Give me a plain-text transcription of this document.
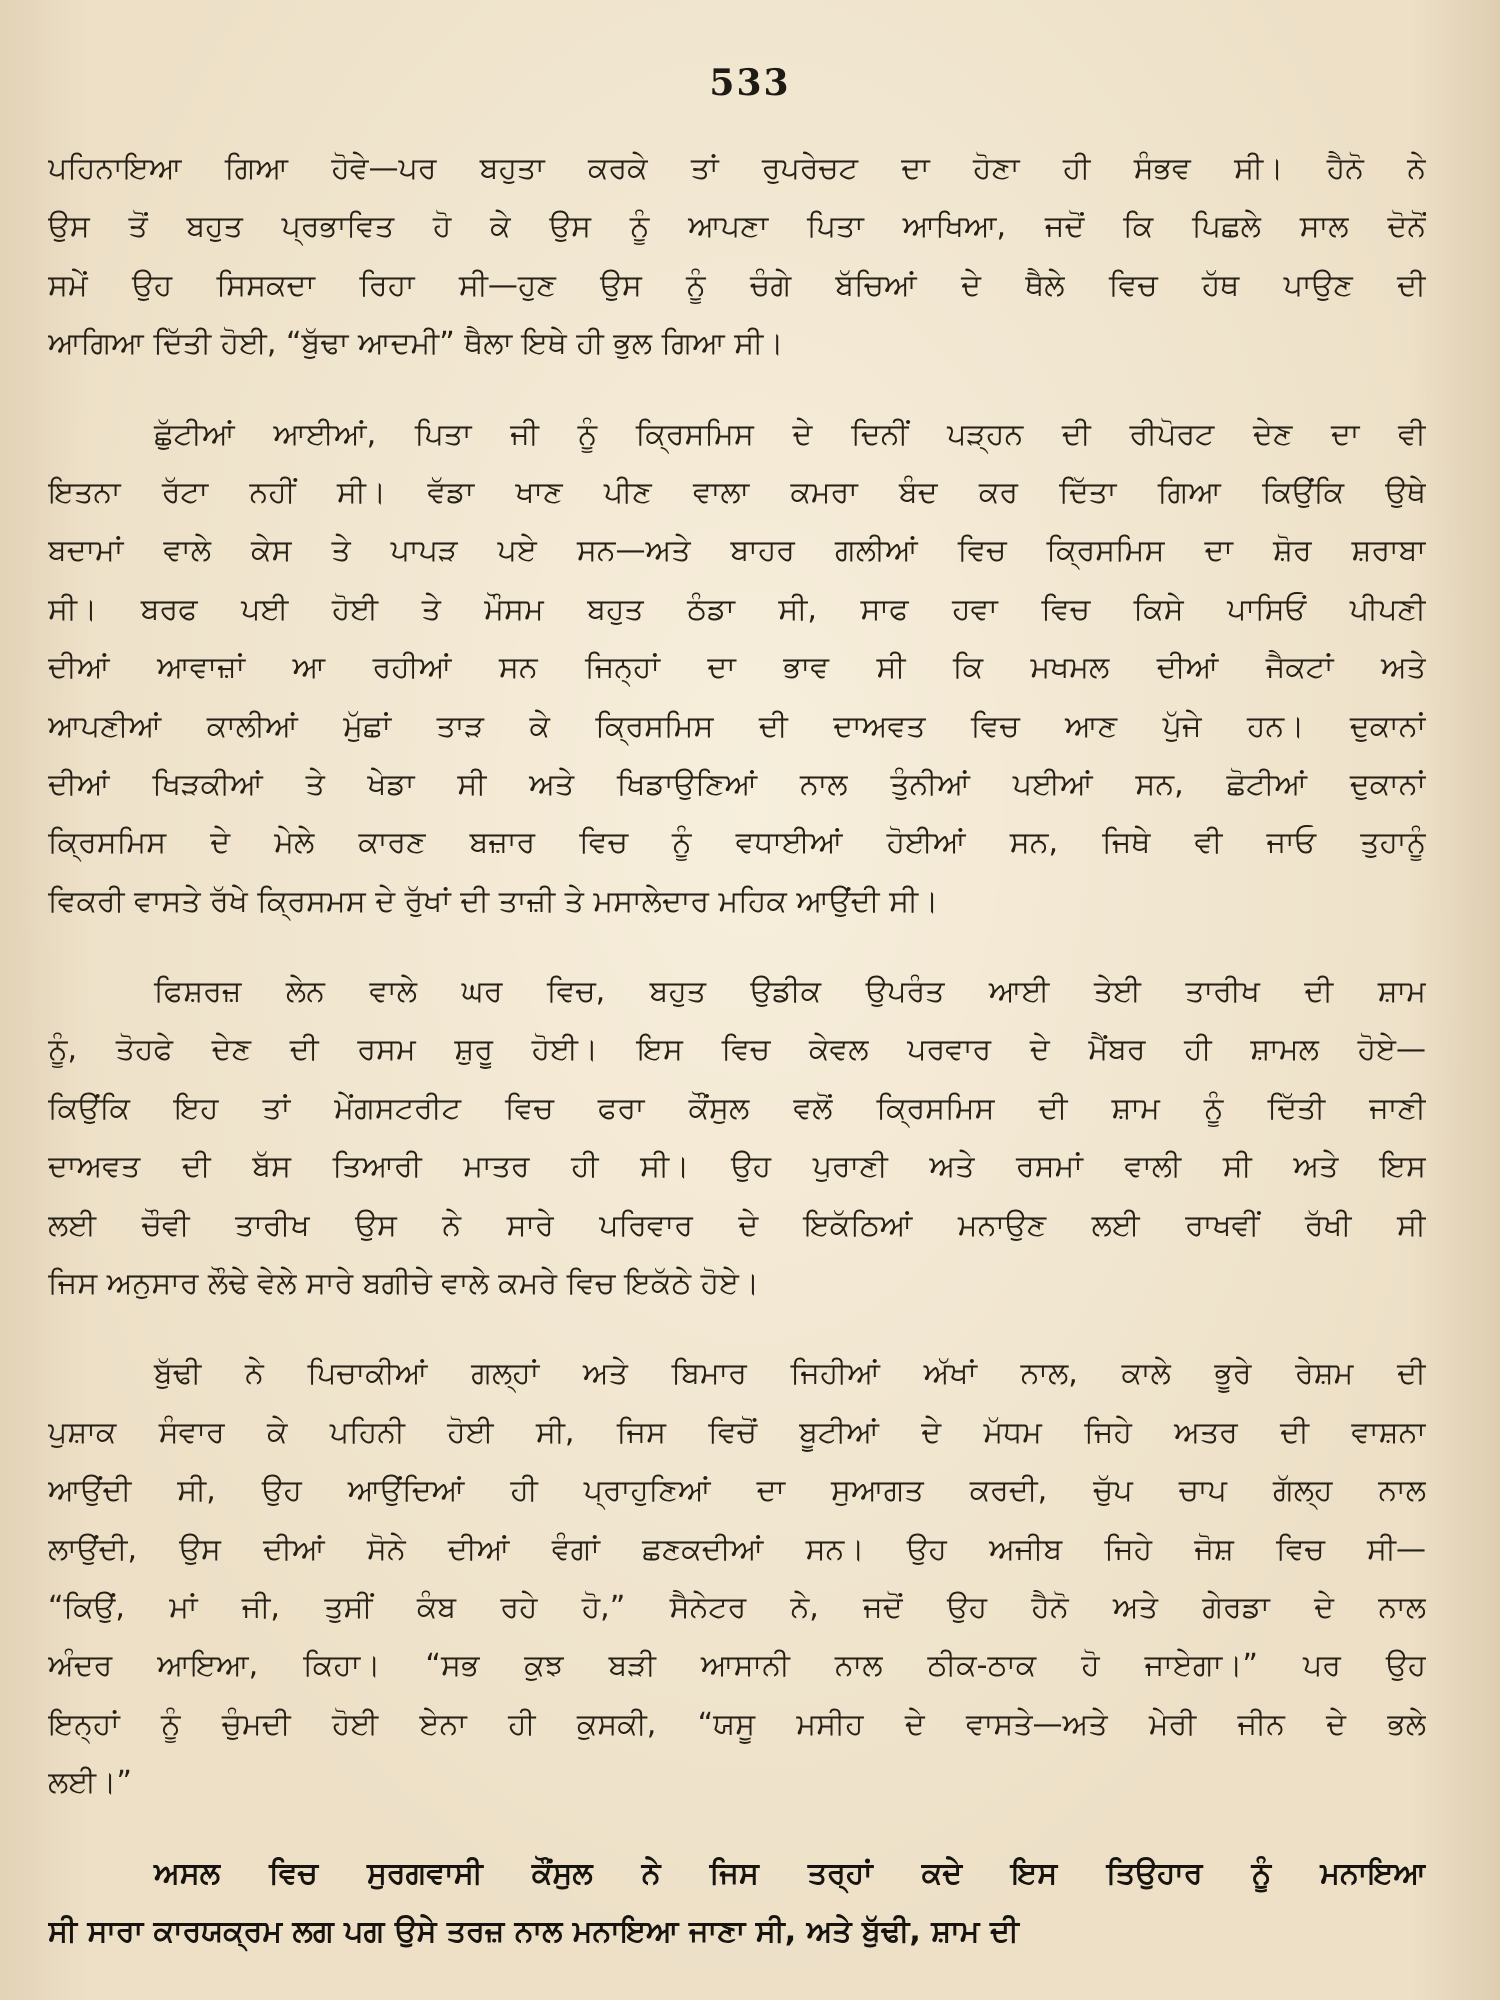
533
ਪਹਿਨਾਇਆ ਗਿਆ ਹੋਵੇ—ਪਰ ਬਹੁਤਾ ਕਰਕੇ ਤਾਂ ਰੁਪਰੇਚਟ ਦਾ ਹੋਣਾ ਹੀ ਸੰਭਵ ਸੀ। ਹੈਨੋ ਨੇ
ਉਸ ਤੋਂ ਬਹੁਤ ਪ੍ਰਭਾਵਿਤ ਹੋ ਕੇ ਉਸ ਨੂੰ ਆਪਣਾ ਪਿਤਾ ਆਖਿਆ, ਜਦੋਂ ਕਿ ਪਿਛਲੇ ਸਾਲ ਦੋਨੋਂ
ਸਮੇਂ ਉਹ ਸਿਸਕਦਾ ਰਿਹਾ ਸੀ—ਹੁਣ ਉਸ ਨੂੰ ਚੰਗੇ ਬੱਚਿਆਂ ਦੇ ਥੈਲੇ ਵਿਚ ਹੱਥ ਪਾਉਣ ਦੀ
ਆਗਿਆ ਦਿੱਤੀ ਹੋਈ, “ਬੁੱਢਾ ਆਦਮੀ” ਥੈਲਾ ਇਥੇ ਹੀ ਭੁਲ ਗਿਆ ਸੀ।
ਛੁੱਟੀਆਂ ਆਈਆਂ, ਪਿਤਾ ਜੀ ਨੂੰ ਕ੍ਰਿਸਮਿਸ ਦੇ ਦਿਨੀਂ ਪੜ੍ਹਨ ਦੀ ਰੀਪੋਰਟ ਦੇਣ ਦਾ ਵੀ
ਇਤਨਾ ਰੱਟਾ ਨਹੀਂ ਸੀ। ਵੱਡਾ ਖਾਣ ਪੀਣ ਵਾਲਾ ਕਮਰਾ ਬੰਦ ਕਰ ਦਿੱਤਾ ਗਿਆ ਕਿਉਂਕਿ ਉਥੇ
ਬਦਾਮਾਂ ਵਾਲੇ ਕੇਸ ਤੇ ਪਾਪੜ ਪਏ ਸਨ—ਅਤੇ ਬਾਹਰ ਗਲੀਆਂ ਵਿਚ ਕ੍ਰਿਸਮਿਸ ਦਾ ਸ਼ੋਰ ਸ਼ਰਾਬਾ
ਸੀ। ਬਰਫ ਪਈ ਹੋਈ ਤੇ ਮੌਸਮ ਬਹੁਤ ਠੰਡਾ ਸੀ, ਸਾਫ ਹਵਾ ਵਿਚ ਕਿਸੇ ਪਾਸਿਓਂ ਪੀਪਣੀ
ਦੀਆਂ ਆਵਾਜ਼ਾਂ ਆ ਰਹੀਆਂ ਸਨ ਜਿਨ੍ਹਾਂ ਦਾ ਭਾਵ ਸੀ ਕਿ ਮਖਮਲ ਦੀਆਂ ਜੈਕਟਾਂ ਅਤੇ
ਆਪਣੀਆਂ ਕਾਲੀਆਂ ਮੁੱਛਾਂ ਤਾੜ ਕੇ ਕ੍ਰਿਸਮਿਸ ਦੀ ਦਾਅਵਤ ਵਿਚ ਆਣ ਪੁੱਜੇ ਹਨ। ਦੁਕਾਨਾਂ
ਦੀਆਂ ਖਿੜਕੀਆਂ ਤੇ ਖੇਡਾ ਸੀ ਅਤੇ ਖਿਡਾਉਣਿਆਂ ਨਾਲ ਤੁੰਨੀਆਂ ਪਈਆਂ ਸਨ, ਛੋਟੀਆਂ ਦੁਕਾਨਾਂ
ਕ੍ਰਿਸਮਿਸ ਦੇ ਮੇਲੇ ਕਾਰਣ ਬਜ਼ਾਰ ਵਿਚ ਨੂੰ ਵਧਾਈਆਂ ਹੋਈਆਂ ਸਨ, ਜਿਥੇ ਵੀ ਜਾਓ ਤੁਹਾਨੂੰ
ਵਿਕਰੀ ਵਾਸਤੇ ਰੱਖੇ ਕ੍ਰਿਸਮਸ ਦੇ ਰੁੱਖਾਂ ਦੀ ਤਾਜ਼ੀ ਤੇ ਮਸਾਲੇਦਾਰ ਮਹਿਕ ਆਉਂਦੀ ਸੀ।
ਫਿਸ਼ਰਜ਼ ਲੇਨ ਵਾਲੇ ਘਰ ਵਿਚ, ਬਹੁਤ ਉਡੀਕ ਉਪਰੰਤ ਆਈ ਤੇਈ ਤਾਰੀਖ ਦੀ ਸ਼ਾਮ
ਨੂੰ, ਤੋਹਫੇ ਦੇਣ ਦੀ ਰਸਮ ਸ਼ੁਰੂ ਹੋਈ। ਇਸ ਵਿਚ ਕੇਵਲ ਪਰਵਾਰ ਦੇ ਮੈਂਬਰ ਹੀ ਸ਼ਾਮਲ ਹੋਏ—
ਕਿਉਂਕਿ ਇਹ ਤਾਂ ਮੇਂਗਸਟਰੀਟ ਵਿਚ ਫਰਾ ਕੌਂਸੁਲ ਵਲੋਂ ਕ੍ਰਿਸਮਿਸ ਦੀ ਸ਼ਾਮ ਨੂੰ ਦਿੱਤੀ ਜਾਣੀ
ਦਾਅਵਤ ਦੀ ਬੱਸ ਤਿਆਰੀ ਮਾਤਰ ਹੀ ਸੀ। ਉਹ ਪੁਰਾਣੀ ਅਤੇ ਰਸਮਾਂ ਵਾਲੀ ਸੀ ਅਤੇ ਇਸ
ਲਈ ਚੌਵੀ ਤਾਰੀਖ ਉਸ ਨੇ ਸਾਰੇ ਪਰਿਵਾਰ ਦੇ ਇਕੱਠਿਆਂ ਮਨਾਉਣ ਲਈ ਰਾਖਵੀਂ ਰੱਖੀ ਸੀ
ਜਿਸ ਅਨੁਸਾਰ ਲੌਢੇ ਵੇਲੇ ਸਾਰੇ ਬਗੀਚੇ ਵਾਲੇ ਕਮਰੇ ਵਿਚ ਇਕੱਠੇ ਹੋਏ।
ਬੁੱਢੀ ਨੇ ਪਿਚਾਕੀਆਂ ਗਲ੍ਹਾਂ ਅਤੇ ਬਿਮਾਰ ਜਿਹੀਆਂ ਅੱਖਾਂ ਨਾਲ, ਕਾਲੇ ਭੂਰੇ ਰੇਸ਼ਮ ਦੀ
ਪੁਸ਼ਾਕ ਸੰਵਾਰ ਕੇ ਪਹਿਨੀ ਹੋਈ ਸੀ, ਜਿਸ ਵਿਚੋਂ ਬੂਟੀਆਂ ਦੇ ਮੱਧਮ ਜਿਹੇ ਅਤਰ ਦੀ ਵਾਸ਼ਨਾ
ਆਉਂਦੀ ਸੀ, ਉਹ ਆਉਂਦਿਆਂ ਹੀ ਪ੍ਰਾਹੁਣਿਆਂ ਦਾ ਸੁਆਗਤ ਕਰਦੀ, ਚੁੱਪ ਚਾਪ ਗੱਲ੍ਹ ਨਾਲ
ਲਾਉਂਦੀ, ਉਸ ਦੀਆਂ ਸੋਨੇ ਦੀਆਂ ਵੰਗਾਂ ਛਣਕਦੀਆਂ ਸਨ। ਉਹ ਅਜੀਬ ਜਿਹੇ ਜੋਸ਼ ਵਿਚ ਸੀ—
“ਕਿਉਂ, ਮਾਂ ਜੀ, ਤੁਸੀਂ ਕੰਬ ਰਹੇ ਹੋ,” ਸੈਨੇਟਰ ਨੇ, ਜਦੋਂ ਉਹ ਹੈਨੋ ਅਤੇ ਗੇਰਡਾ ਦੇ ਨਾਲ
ਅੰਦਰ ਆਇਆ, ਕਿਹਾ। “ਸਭ ਕੁਝ ਬੜੀ ਆਸਾਨੀ ਨਾਲ ਠੀਕ-ਠਾਕ ਹੋ ਜਾਏਗਾ।” ਪਰ ਉਹ
ਇਨ੍ਹਾਂ ਨੂੰ ਚੁੰਮਦੀ ਹੋਈ ਏਨਾ ਹੀ ਕੁਸਕੀ, “ਯਸੂ ਮਸੀਹ ਦੇ ਵਾਸਤੇ—ਅਤੇ ਮੇਰੀ ਜੀਨ ਦੇ ਭਲੇ
ਲਈ।”
ਅਸਲ ਵਿਚ ਸੁਰਗਵਾਸੀ ਕੌਂਸੁਲ ਨੇ ਜਿਸ ਤਰ੍ਹਾਂ ਕਦੇ ਇਸ ਤਿਉਹਾਰ ਨੂੰ ਮਨਾਇਆ
ਸੀ ਸਾਰਾ ਕਾਰਯਕ੍ਰਮ ਲਗ ਪਗ ਉਸੇ ਤਰਜ਼ ਨਾਲ ਮਨਾਇਆ ਜਾਣਾ ਸੀ, ਅਤੇ ਬੁੱਢੀ, ਸ਼ਾਮ ਦੀ
